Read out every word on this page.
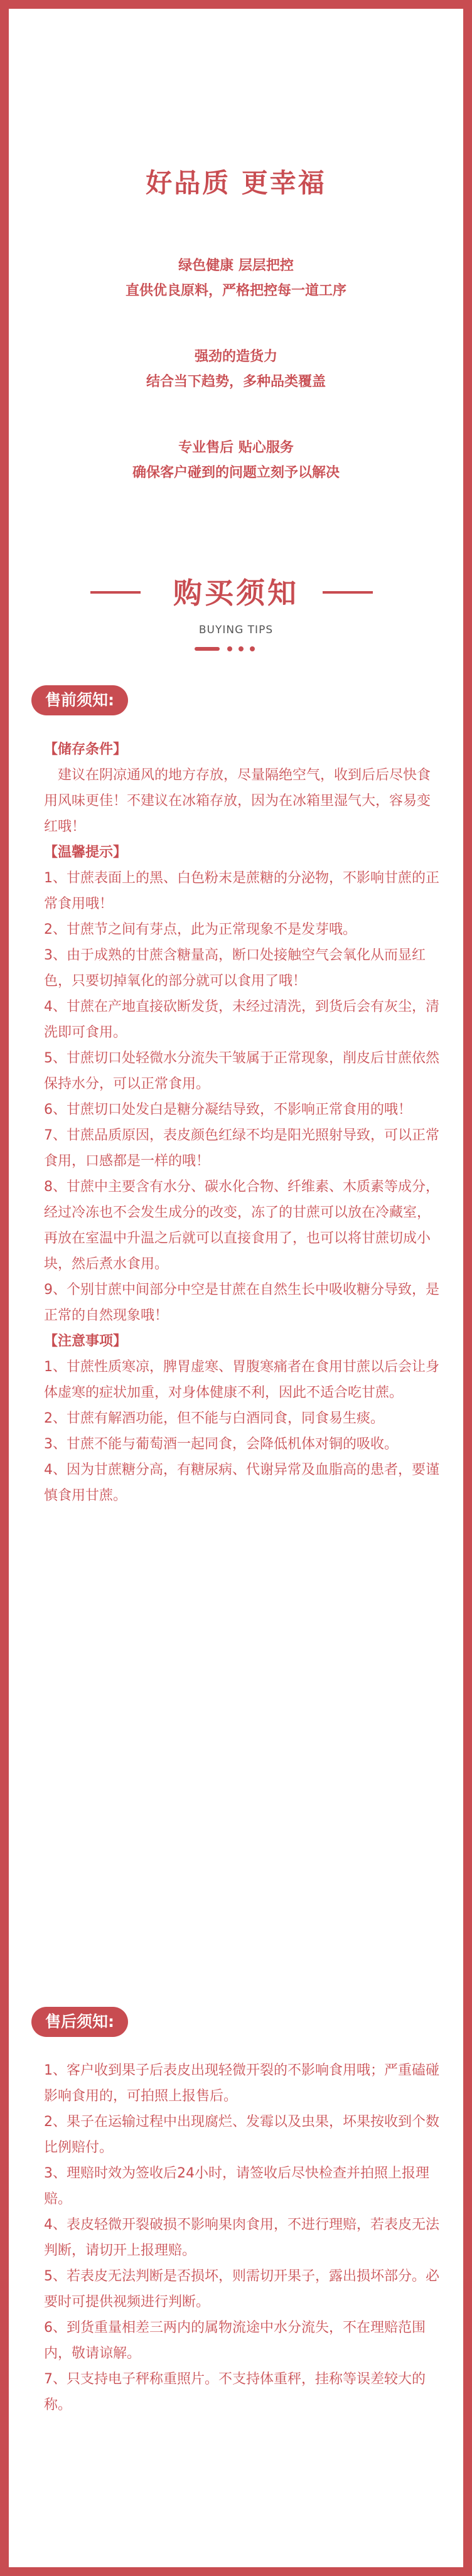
好品质 更幸福
绿色健康 层层把控
直供优良原料，严格把控每一道工序
强劲的造货力
结合当下趋势，多种品类覆盖
专业售后 贴心服务
确保客户碰到的问题立刻予以解决
购买须知
BUYING TIPS
售前须知:

【储存条件】

建议在阴凉通风的地方存放，尽量隔绝空气，收到后后尽快食用风味更佳！不建议在冰箱存放，因为在冰箱里湿气大，容易变红哦！

【温馨提示】

1、甘蔗表面上的黑、白色粉末是蔗糖的分泌物，不影响甘蔗的正常食用哦！

2、甘蔗节之间有芽点，此为正常现象不是发芽哦。

3、由于成熟的甘蔗含糖量高，断口处接触空气会氧化从而显红色，只要切掉氧化的部分就可以食用了哦！

4、甘蔗在产地直接砍断发货，未经过清洗，到货后会有灰尘，清洗即可食用。

5、甘蔗切口处轻微水分流失干皱属于正常现象，削皮后甘蔗依然保持水分，可以正常食用。

6、甘蔗切口处发白是糖分凝结导致，不影响正常食用的哦！

7、甘蔗品质原因，表皮颜色红绿不均是阳光照射导致，可以正常食用，口感都是一样的哦！

8、甘蔗中主要含有水分、碳水化合物、纤维素、木质素等成分，经过冷冻也不会发生成分的改变，冻了的甘蔗可以放在冷藏室，再放在室温中升温之后就可以直接食用了，也可以将甘蔗切成小块，然后煮水食用。

9、个别甘蔗中间部分中空是甘蔗在自然生长中吸收糖分导致，是正常的自然现象哦！

【注意事项】

1、甘蔗性质寒凉，脾胃虚寒、胃腹寒痛者在食用甘蔗以后会让身体虚寒的症状加重，对身体健康不利，因此不适合吃甘蔗。

2、甘蔗有解酒功能，但不能与白酒同食，同食易生痰。

3、甘蔗不能与葡萄酒一起同食，会降低机体对铜的吸收。

4、因为甘蔗糖分高，有糖尿病、代谢异常及血脂高的患者，要谨慎食用甘蔗。

售后须知:

1、客户收到果子后表皮出现轻微开裂的不影响食用哦；严重磕碰影响食用的，可拍照上报售后。

2、果子在运输过程中出现腐烂、发霉以及虫果，坏果按收到个数比例赔付。

3、理赔时效为签收后24小时，请签收后尽快检查并拍照上报理赔。

4、表皮轻微开裂破损不影响果肉食用，不进行理赔，若表皮无法判断，请切开上报理赔。

5、若表皮无法判断是否损坏，则需切开果子，露出损坏部分。必要时可提供视频进行判断。

6、到货重量相差三两内的属物流途中水分流失，不在理赔范围内，敬请谅解。

7、只支持电子秤称重照片。不支持体重秤，挂称等误差较大的称。
